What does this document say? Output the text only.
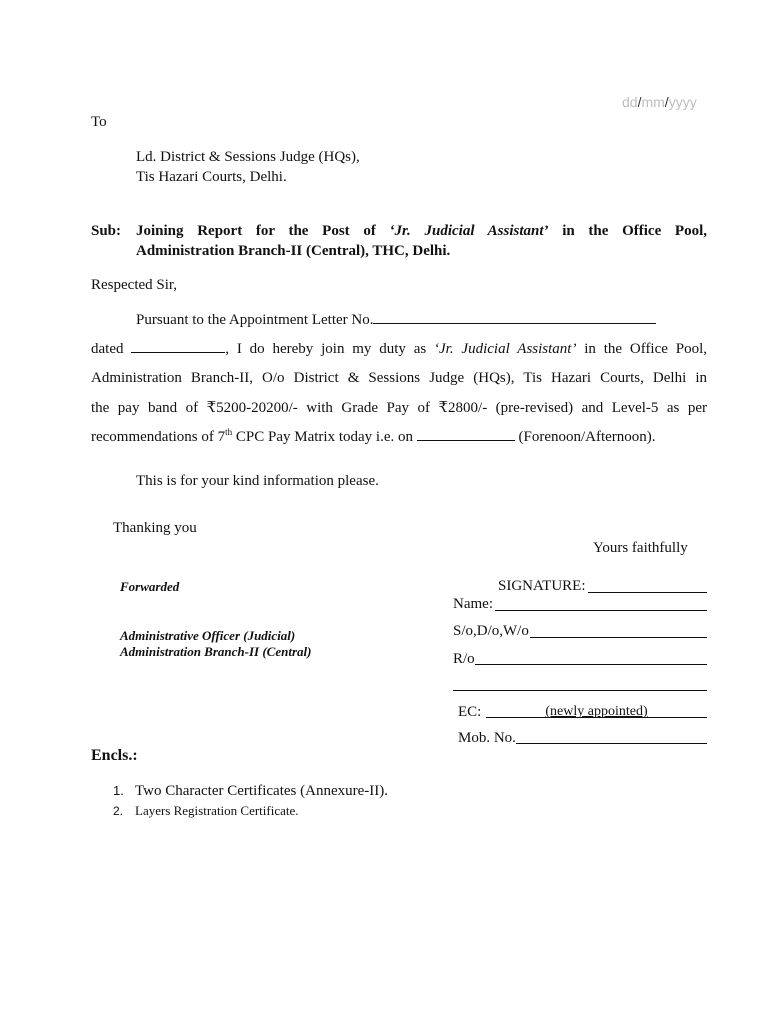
dd/mm/yyyy
To
Ld. District & Sessions Judge (HQs),
Tis Hazari Courts, Delhi.
Sub: Joining Report for the Post of ‘Jr. Judicial Assistant’ in the Office Pool,
Administration Branch-II (Central), THC, Delhi.
Respected Sir,
Pursuant to the Appointment Letter No.
dated	, I do hereby join my duty as ‘Jr. Judicial Assistant’ in the Office Pool,
Administration Branch-II, O/o District & Sessions Judge (HQs), Tis Hazari Courts, Delhi in
the pay band of ₹5200-20200/- with Grade Pay of ₹2800/- (pre-revised) and Level-5 as per
recommendations of 7th CPC Pay Matrix today i.e. on	(Forenoon/Afternoon).
This is for your kind information please.
Thanking you
Yours faithfully
Forwarded
Administrative Officer (Judicial)
Administration Branch-II (Central)
SIGNATURE:
Name:
S/o,D/o,W/o
R/o
EC:	(newly appointed)
Mob. No.
Encls.:
1. Two Character Certificates (Annexure-II).
2. Layers Registration Certificate.
